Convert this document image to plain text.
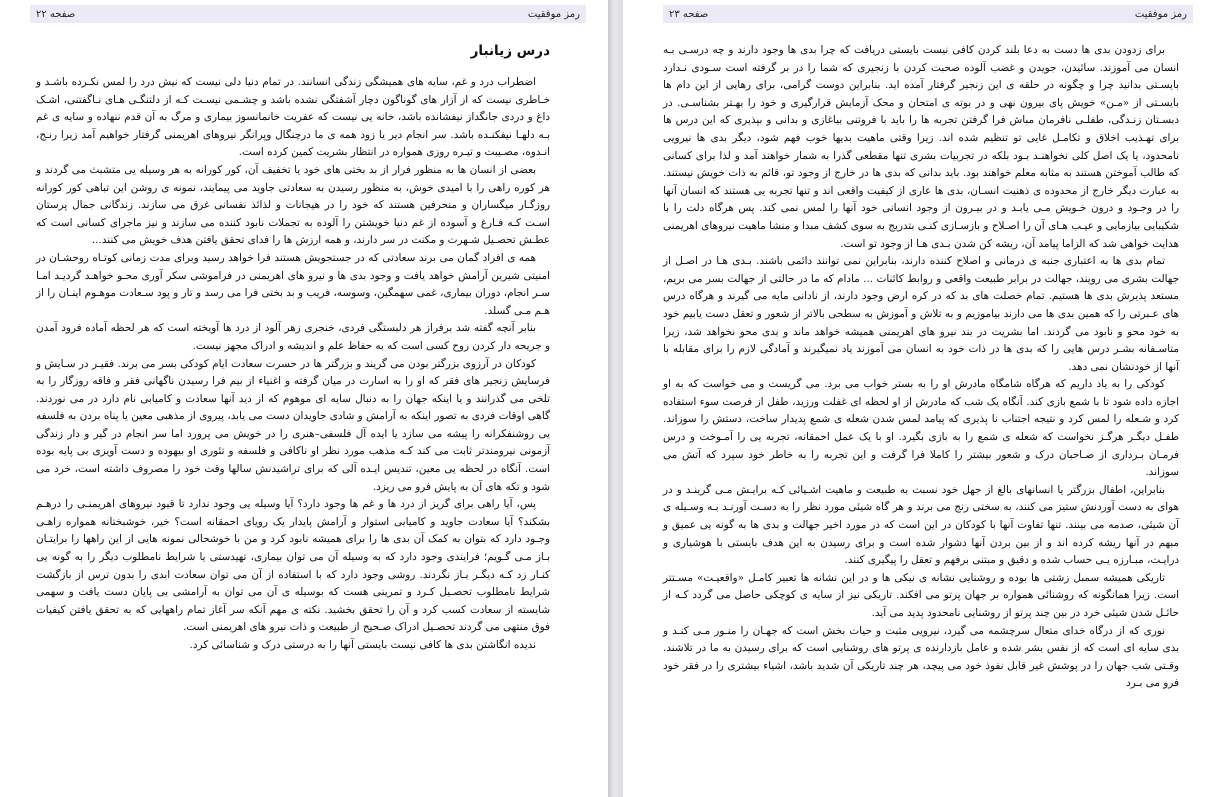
رمز موفقیت
صفحه ۲۲
درس زیانبار

اضطراب درد و غم، سایه های همیشگی زندگی انسانند. در تمام دنیا دلی نیست که نیش درد را لمس نکـرده باشـد و خـاطری نیست که از آزار های گوناگون دچار آشفتگی نشده باشد و چشـمی نیسـت کـه از دلتنگـی هـای نـاگفتنی، اشـک داغ و دردی جانگداز نیفشانده باشد، خانه یی نیست که عفریت خانمانسوز بیماری و مرگ به آن قدم ننهاده و سایه ی غم بـه دلهـا نیفکنـده باشد. سر انجام دیر یا زود همه ی ما درچنگال وپرانگر نیروهای اهریمنی گرفتار خواهیم آمد زیرا رنـج، انـدوه، مصـیبت و تیـره روزی همواره در انتظار بشریت کمین کرده است.

بعضی از انسان ها به منظور فرار از بد بختی های خود یا تخفیف آن، کور کورانه به هر وسیله یی متشبث می گردند و هر کوره راهی را با امیدی خوش، به منظور رسیدن به سعادتی جاوید می پیمایند، نمونه ی روشن این تباهی کور کورانه روزگـار میگساران و منحرفین هستند که خود را در هیجانات و لذائذ نفسانی غرق می سازند. زندگانی جمال پرستان اسـت کـه فـارغ و آسوده از غم دنیا خویشتن را آلوده به تجملات نابود کننده می سازند و نیز ماجرای کسانی است که عطـش تحصـیل شـهرت و مکنت در سر دارند، و همه ارزش ها را فدای تحقق یافتن هدف خویش می کنند...

همه ی افراد گمان می برند سعادتی که در جستجویش هستند فرا خواهد رسید وبرای مدت زمانی کوتـاه روحشـان در امنیتی شیرین آرامش خواهد یافت و وجود بدی ها و نیرو های اهریمنی در فراموشی سکر آوری محـو خواهـد گردیـد امـا سـر انجام، دوران بیماری، غمی سهمگین، وسوسه، فریب و بد بختی فرا می رسد و تار و پود سـعادت موهـوم اینـان را از هـم مـی گسلد.

بنابر آنچه گفته شد برفراز هر دلبستگی فردی، خنجری زهر آلود از درد ها آویخته است که هر لحظه آماده فرود آمدن و جریحه دار کردن روح کسی است که به حفاظ علم و اندیشه و ادراک مجهز نیست.

کودکان در آرزوی بزرگتر بودن می گریند و بزرگتر ها در حسرت سعادت ایام کودکی بسر می برند. فقیـر در سـایش و فرسایش زنجیر های فقر که او را به اسارت در میان گرفته و اغنیاء از بیم فرا رسیدن ناگهانی فقر و فاقه روزگار را به تلخی می گذرانند و یا اینکه جهان را به دنبال سایه ای موهوم که از دید آنها سعادت و کامیابی نام دارد در می نوردند. گاهی اوقات فردی به تصور اینکه به آرامش و شادی جاویدان دست می یابد، پیروی از مذهبی معین یا پناه بردن به فلسفه یی روشنفکرانه را پیشه می سازد یا ایده آل فلسفی–هنری را در خویش می پرورد اما سر انجام در گیر و دار زندگی آزمونی نیرومندتر ثابت می کند کـه مذهب مورد نظر او ناکافی و فلسفه و تئوری او بیهوده و دست آویزی بی پایه بوده است. آنگاه در لحظه یی معین، تندیس ایـده آلی که برای تراشیدنش سالها وقت خود را مصروف داشته است، خرد می شود و تکه های آن به پایش فرو می ریزد.

پس، آیا راهی برای گریز از درد ها و غم ها وجود دارد؟ آیا وسیله یی وجود ندارد تا قیود نیروهای اهریمنـی را درهـم بشکند؟ آیا سعادت جاوید و کامیابی استوار و آرامش پایدار یک رویای احمقانه است؟ خیر، خوشبختانه همواره راهـی وجـود دارد که بتوان به کمک آن بدی ها را برای همیشه نابود کرد و من با خوشحالی نمونه هایی از این راهها را برایتـان بـاز مـی گـویم؛ فرایندی وجود دارد که به وسیله آن می توان بیماری، تهیدستی یا شرایط نامطلوب دیگر را به گونه یی کنـار زد کـه دیگـر بـاز نگردند. روشی وجود دارد که با استفاده از آن می توان سعادت ابدی را بدون ترس از بازگشت شرایط نامطلوب تحصـیل کـرد و تمرینی هست که بوسیله ی آن می توان به آرامشی بی پایان دست یافت و سهمی شایسته از سعادت کسب کرد و آن را تحقق بخشید. نکته ی مهم آنکه سر آغاز تمام راههایی که به تحقق یافتن کیفیات فوق منتهی می گردند تحصـیل ادراک صـحیح از طبیعت و ذات نیرو های اهریمنی است.

ندیده انگاشتن بدی ها کافی نیست بایستی آنها را به درستی درک و شناسائی کرد.

رمز موفقیت
صفحه ۲۳

برای زدودن بدی ها دست به دعا بلند کردن کافی نیست بایستی دریافت که چرا بدی ها وجود دارند و چه درسـی بـه انسان می آموزند. سائیدن، جویدن و غضب آلوده صحبت کردن با زنجیری که شما را در بر گرفته است سـودی نـدارد بایسـتی بدانید چرا و چگونه در حلقه ی این زنجیر گرفتار آمده اید. بنابراین دوست گرامی، برای رهایی از این دام ها بایسـتی از «مـن» خویش پای بیرون نهی و در بوته ی امتحان و محک آزمایش قرارگیری و خود را بهـتر بشناسـی. در دبسـتان زنـدگی، طفلـی نافرمان مباش فرا گرفتن تجربه ها را باید با فروتنی بیاغازی و بدانی و بپذیری که این درس ها برای تهـذیب اخلاق و تکامـل غایی تو تنظیم شده اند. زیرا وقتی ماهیت بدیها خوب فهم شود، دیگر بدی ها نیرویی نامحدود، یا یک اصل کلی نخواهنـد بـود بلکه در تجربیات بشری تنها مقطعی گذرا به شمار خواهند آمد و لذا برای کسانی که طالب آموختن هستند به مثابه معلم خواهند بود. باید بدانی که بدی ها در خارج از وجود تو، قائم به ذات خویش نیستند. به عبارت دیگر خارج از محدوده ی ذهنیت انسـان، بدی ها عاری از کیفیت واقعی اند و تنها تجربه یی هستند که انسان آنها را در وجـود و درون خـویش مـی یابـد و در بیـرون از وجود انسانی خود آنها را لمس نمی کند. پس هرگاه دلت را با شکیبایی بیازمایی و عیـب هـای آن را اصـلاح و بازسـازی کنـی بتدریج به سوی کشف مبدا و منشا ماهیت نیروهای اهریمنی هدایت خواهی شد که الزاما پیامد آن، ریشه کن شدن بـدی هـا از وجود تو است.

تمام بدی ها به اعتباری جنبه ی درمانی و اصلاح کننده دارند، بنابراین نمی توانند دائمی باشند. بـدی هـا در اصـل از جهالت بشری می رویند، جهالت در برابر طبیعت واقعی و روابط کائنات ... مادام که ما در حالتی از جهالت بسر می بریم، مستعد پذیرش بدی ها هستیم. تمام خصلت های بد که در کره ارض وجود دارند، از نادانی مایه می گیرند و هرگاه درس های عـبرتی را که همین بدی ها می دارند بیاموزیم و به تلاش و آموزش به سطحی بالاتر از شعور و تعقل دست یابیم خود به خود محو و نابود می گردند. اما بشریت در بند نیرو های اهریمنی همیشه خواهد ماند و بدی محو نخواهد شد، زیرا متاسـفانه بشـر درس هایی را که بدی ها در ذات خود به انسان می آموزند یاد نمیگیرند و آمادگی لازم را برای مقابله با آنها از خودنشان نمی دهد.

کودکی را به یاد داریم که هرگاه شامگاه مادرش او را به بستر خواب می برد. می گریست و می خواست که به او اجازه داده شود تا با شمع بازی کند. آنگاه یک شب که مادرش از او لحظه ای غفلت ورزید، طفل از فرصت سوء استفاده کرد و شـعله را لمس کرد و نتیجه اجتناب نا پذیری که پیامد لمس شدن شعله ی شمع پدیدار ساخت، دستش را سوزاند. طفـل دیگـر هرگـز نخواست که شعله ی شمع را به بازی بگیرد. او با یک عمل احمقانه، تجربه یی را آمـوخت و درس فرمـان بـرداری از صـاحبان درک و شعور بیشتر را کاملا فرا گرفت و این تجربه را به خاطر خود سپرد که آتش می سوزاند.

بنابراین، اطفال بزرگتر یا انسانهای بالغ از جهل خود نسبت به طبیعت و ماهیت اشـیائی کـه برایـش مـی گرینـد و در هوای به دست آوردنش ستیز می کنند، به سختی رنج می برند و هر گاه شیئی مورد نظر را به دسـت آورنـد بـه وسـیله ی آن شیئی، صدمه می بینند. تنها تفاوت آنها با کودکان در این است که در مورد اخیر جهالت و بدی ها به گونه یی عمیق و مبهم در آنها ریشه کرده اند و از بین بردن آنها دشوار شده است و برای رسیدن به این هدف بایستی با هوشیاری و درایـت، مبـارزه یـی حساب شده و دقیق و مبتنی برفهم و تعقل را پیگیری کنند.

تاریکی همیشه سمبل زشتی ها بوده و روشنایی نشانه ی نیکی ها و در این نشانه ها تعبیر کامـل «واقعیـت» مسـتتر است. زیرا همانگونه که روشنائی همواره بر جهان پرتو می افکند. تاریکی نیز از سایه ی کوچکی حاصل می گردد کـه از حائـل شدن شیئی خرد در بین چند پرتو از روشنایی نامحدود پدید می آید.

نوری که از درگاه خدای متعال سرچشمه می گیرد، نیرویی مثبت و حیات بخش است که جهـان را منـور مـی کنـد و بدی سایه ای است که از نفس بشر شده و عامل بازدارنده ی پرتو های روشنایی است که برای رسیدن به ما در تلاشند. وقـتی شب جهان را در پوشش غیر قابل نفوذ خود می پیچد، هر چند تاریکی آن شدید باشد، اشیاء بیشتری را در فقر خود فرو می بـرد
